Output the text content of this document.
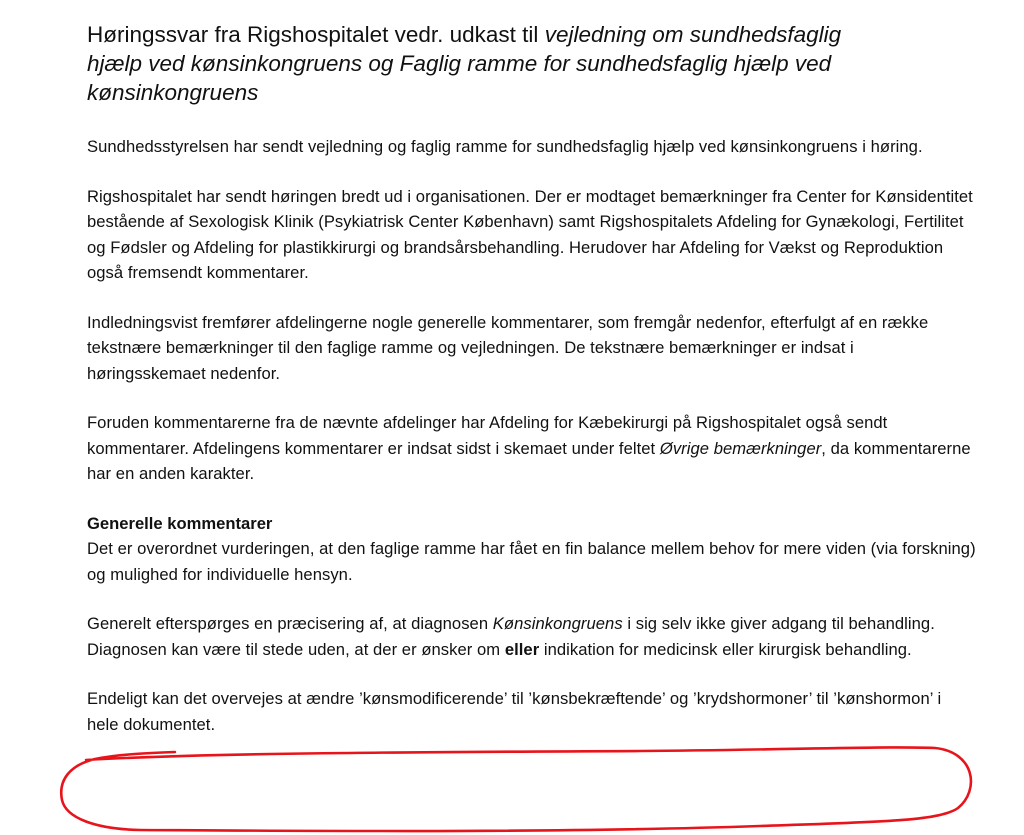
Høringssvar fra Rigshospitalet vedr. udkast til vejledning om sundhedsfaglig
hjælp ved kønsinkongruens og Faglig ramme for sundhedsfaglig hjælp ved
kønsinkongruens

Sundhedsstyrelsen har sendt vejledning og faglig ramme for sundhedsfaglig hjælp ved kønsinkongruens i høring.

Rigshospitalet har sendt høringen bredt ud i organisationen. Der er modtaget bemærkninger fra Center for Kønsidentitet bestående af Sexologisk Klinik (Psykiatrisk Center København) samt Rigshospitalets Afdeling for Gynækologi, Fertilitet og Fødsler og Afdeling for plastikkirurgi og brandsårsbehandling. Herudover har Afdeling for Vækst og Reproduktion også fremsendt kommentarer.

Indledningsvist fremfører afdelingerne nogle generelle kommentarer, som fremgår nedenfor, efterfulgt af en række tekstnære bemærkninger til den faglige ramme og vejledningen. De tekstnære bemærkninger er indsat i høringsskemaet nedenfor.

Foruden kommentarerne fra de nævnte afdelinger har Afdeling for Kæbekirurgi på Rigshospitalet også sendt kommentarer. Afdelingens kommentarer er indsat sidst i skemaet under feltet Øvrige bemærkninger, da kommentarerne har en anden karakter.

Generelle kommentarer

Det er overordnet vurderingen, at den faglige ramme har fået en fin balance mellem behov for mere viden (via forskning) og mulighed for individuelle hensyn.

Generelt efterspørges en præcisering af, at diagnosen Kønsinkongruens i sig selv ikke giver adgang til behandling. Diagnosen kan være til stede uden, at der er ønsker om eller indikation for medicinsk eller kirurgisk behandling.

Endeligt kan det overvejes at ændre ’kønsmodificerende’ til ’kønsbekræftende’ og ’krydshormoner’ til ’kønshormon’ i hele dokumentet.
